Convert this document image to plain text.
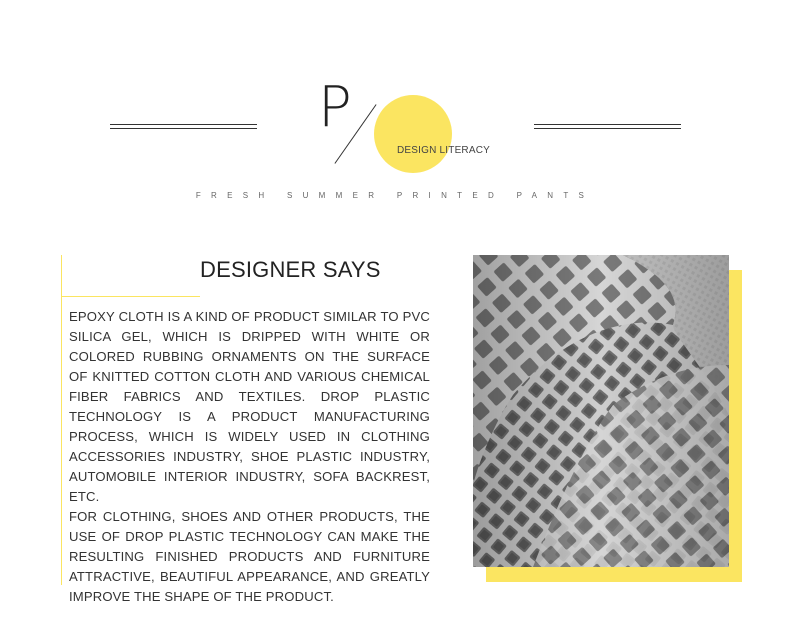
P
DESIGN LITERACY
FRESH SUMMER PRINTED PANTS
DESIGNER SAYS

EPOXY CLOTH IS A KIND OF PRODUCT SIMILAR TO PVC SILICA GEL, WHICH IS DRIPPED WITH WHITE OR COLORED RUBBING ORNAMENTS ON THE SURFACE OF KNITTED COTTON CLOTH AND VARIOUS CHEMICAL FIBER FABRICS AND TEXTILES. DROP PLASTIC TECHNOLOGY IS A PRODUCT MANUFACTURING PROCESS, WHICH IS WIDELY USED IN CLOTHING ACCESSORIES INDUSTRY, SHOE PLASTIC INDUSTRY, AUTOMOBILE INTERIOR INDUSTRY, SOFA BACKREST, ETC.

FOR CLOTHING, SHOES AND OTHER PRODUCTS, THE USE OF DROP PLASTIC TECHNOLOGY CAN MAKE THE RESULTING FINISHED PRODUCTS AND FURNITURE ATTRACTIVE, BEAUTIFUL APPEARANCE, AND GREATLY IMPROVE THE SHAPE OF THE PRODUCT.
